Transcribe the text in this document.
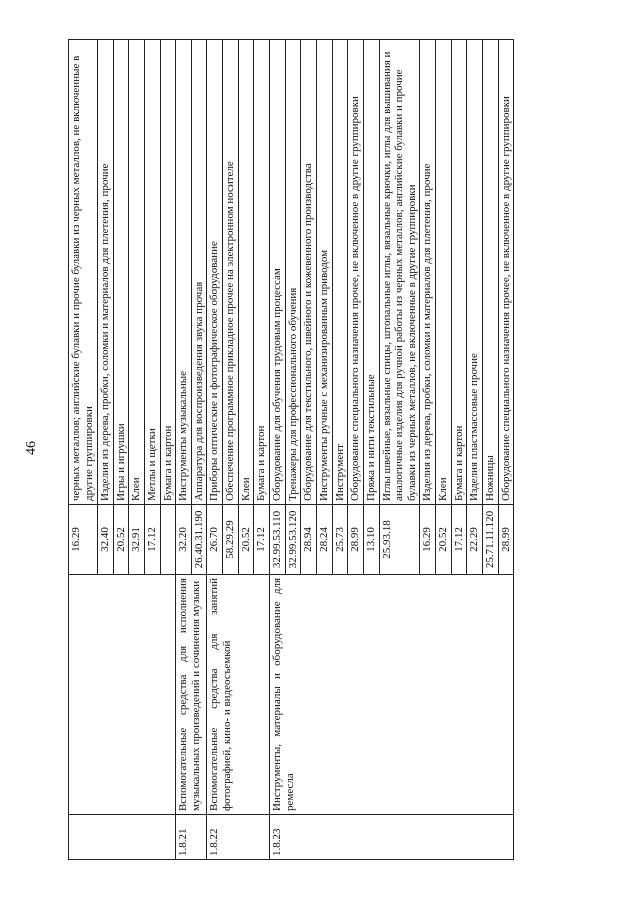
46
		16.29	черных металлов; английские булавки и прочие булавки из черных металлов, не включенные в другие группировки
		32.40	Изделия из дерева, пробки, соломки и материалов для плетения, прочие
		20.52	Игры и игрушки
		32.91	Клеи
		17.12	Метлы и щетки
			Бумага и картон
1.8.21	Вспомогательные средства для исполнения музыкальных произведений и сочинения музыки	32.20	Инструменты музыкальные
		26.40.31.190	Аппаратура для воспроизведения звука прочая
1.8.22	Вспомогательные средства для занятий фотографией, кино- и видеосъемкой	26.70	Приборы оптические и фотографическое оборудование
		58.29.29	Обеспечение программное прикладное прочее на электронном носителе
		20.52	Клеи
		17.12	Бумага и картон
1.8.23	Инструменты, материалы и оборудование для ремесла	32.99.53.110	Оборудование для обучения трудовым процессам
		32.99.53.120	Тренажеры для профессионального обучения
		28.94	Оборудование для текстильного, швейного и кожевенного производства
		28.24	Инструменты ручные с механизированным приводом
		25.73	Инструмент
		28.99	Оборудование специального назначения прочее, не включенное в другие группировки
		13.10	Пряжа и нити текстильные
		25.93.18	Иглы швейные, вязальные спицы, штопальные иглы, вязальные крючки, иглы для вышивания и аналогичные изделия для ручной работы из черных металлов; английские булавки и прочие булавки из черных металлов, не включенные в другие группировки
		16.29	Изделия из дерева, пробки, соломки и материалов для плетения, прочие
		20.52	Клеи
		17.12	Бумага и картон
		22.29	Изделия пластмассовые прочие
		25.71.11.120	Ножницы
		28.99	Оборудование специального назначения прочее, не включенное в другие группировки
